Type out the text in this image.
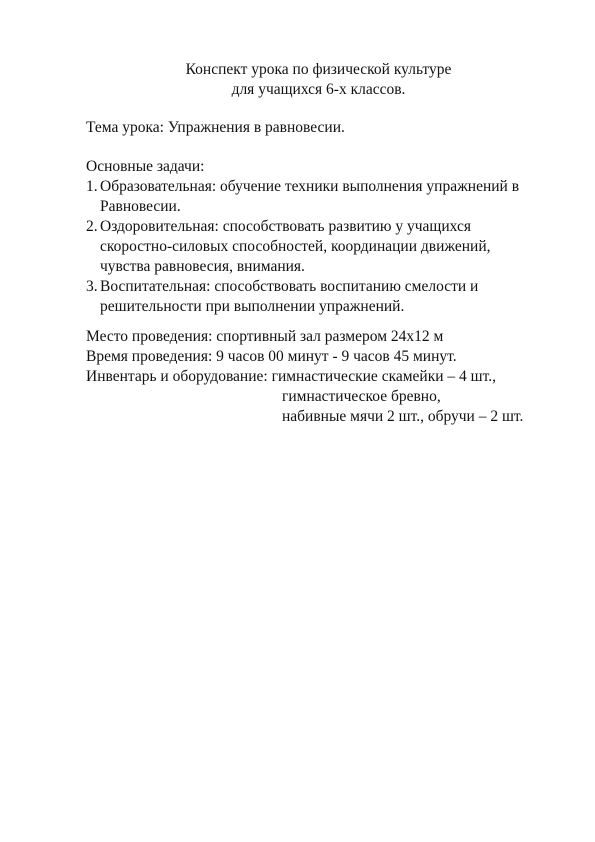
Конспект урока по физической культуре
для учащихся 6-х классов.
Тема урока: Упражнения в равновесии.
Основные задачи:
1. Образовательная: обучение техники выполнения упражнений в
Равновесии.
2. Оздоровительная: способствовать развитию у учащихся
скоростно-силовых способностей, координации движений,
чувства равновесия, внимания.
3. Воспитательная: способствовать воспитанию смелости и
решительности при выполнении упражнений.
Место проведения: спортивный зал размером 24х12 м
Время проведения: 9 часов 00 минут - 9 часов 45 минут.
Инвентарь и оборудование: гимнастические скамейки – 4 шт.,
гимнастическое бревно,
набивные мячи 2 шт., обручи – 2 шт.
